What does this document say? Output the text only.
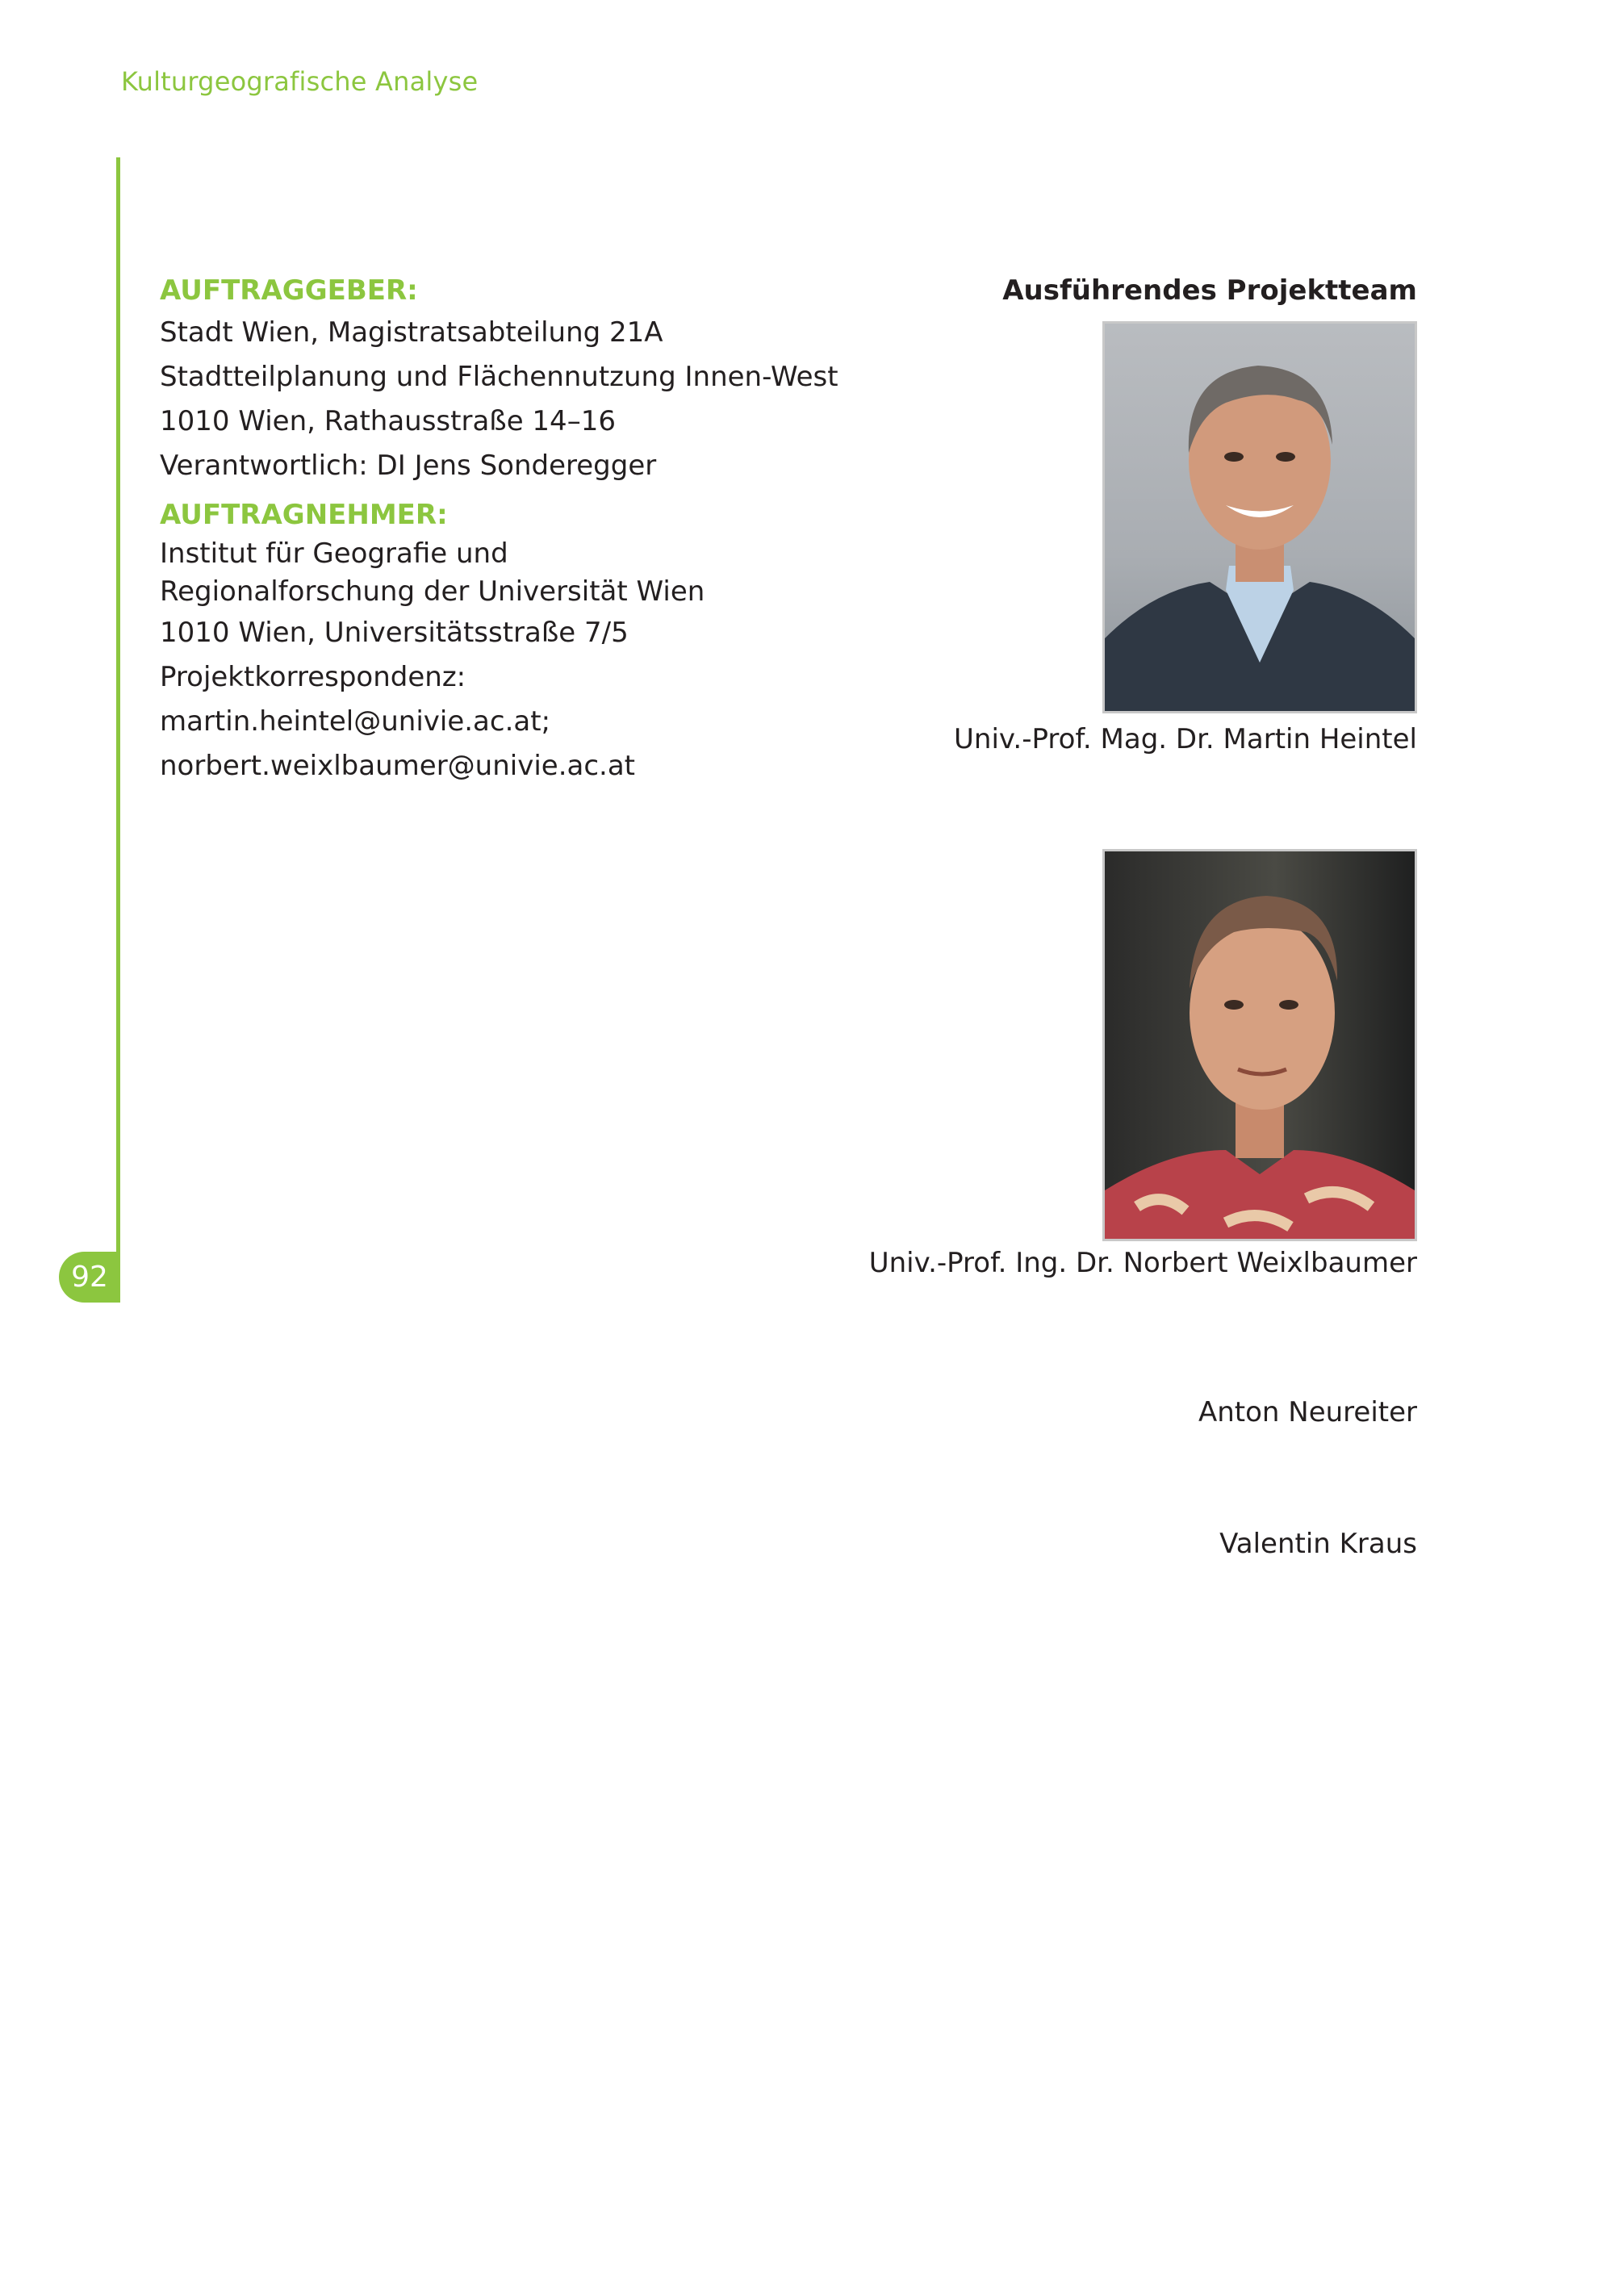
Kulturgeografische Analyse
92
AUFTRAGGEBER:
Stadt Wien, Magistratsabteilung 21A
Stadtteilplanung und Flächennutzung Innen-West
1010 Wien, Rathausstraße 14–16
Verantwortlich: DI Jens Sonderegger
AUFTRAGNEHMER:
Institut für Geografie und
Regionalforschung der Universität Wien
1010 Wien, Universitätsstraße 7/5
Projektkorrespondenz:
martin.heintel@univie.ac.at;
norbert.weixlbaumer@univie.ac.at
Ausführendes Projektteam
Univ.-Prof. Mag. Dr. Martin Heintel
Univ.-Prof. Ing. Dr. Norbert Weixlbaumer
Anton Neureiter
Valentin Kraus
